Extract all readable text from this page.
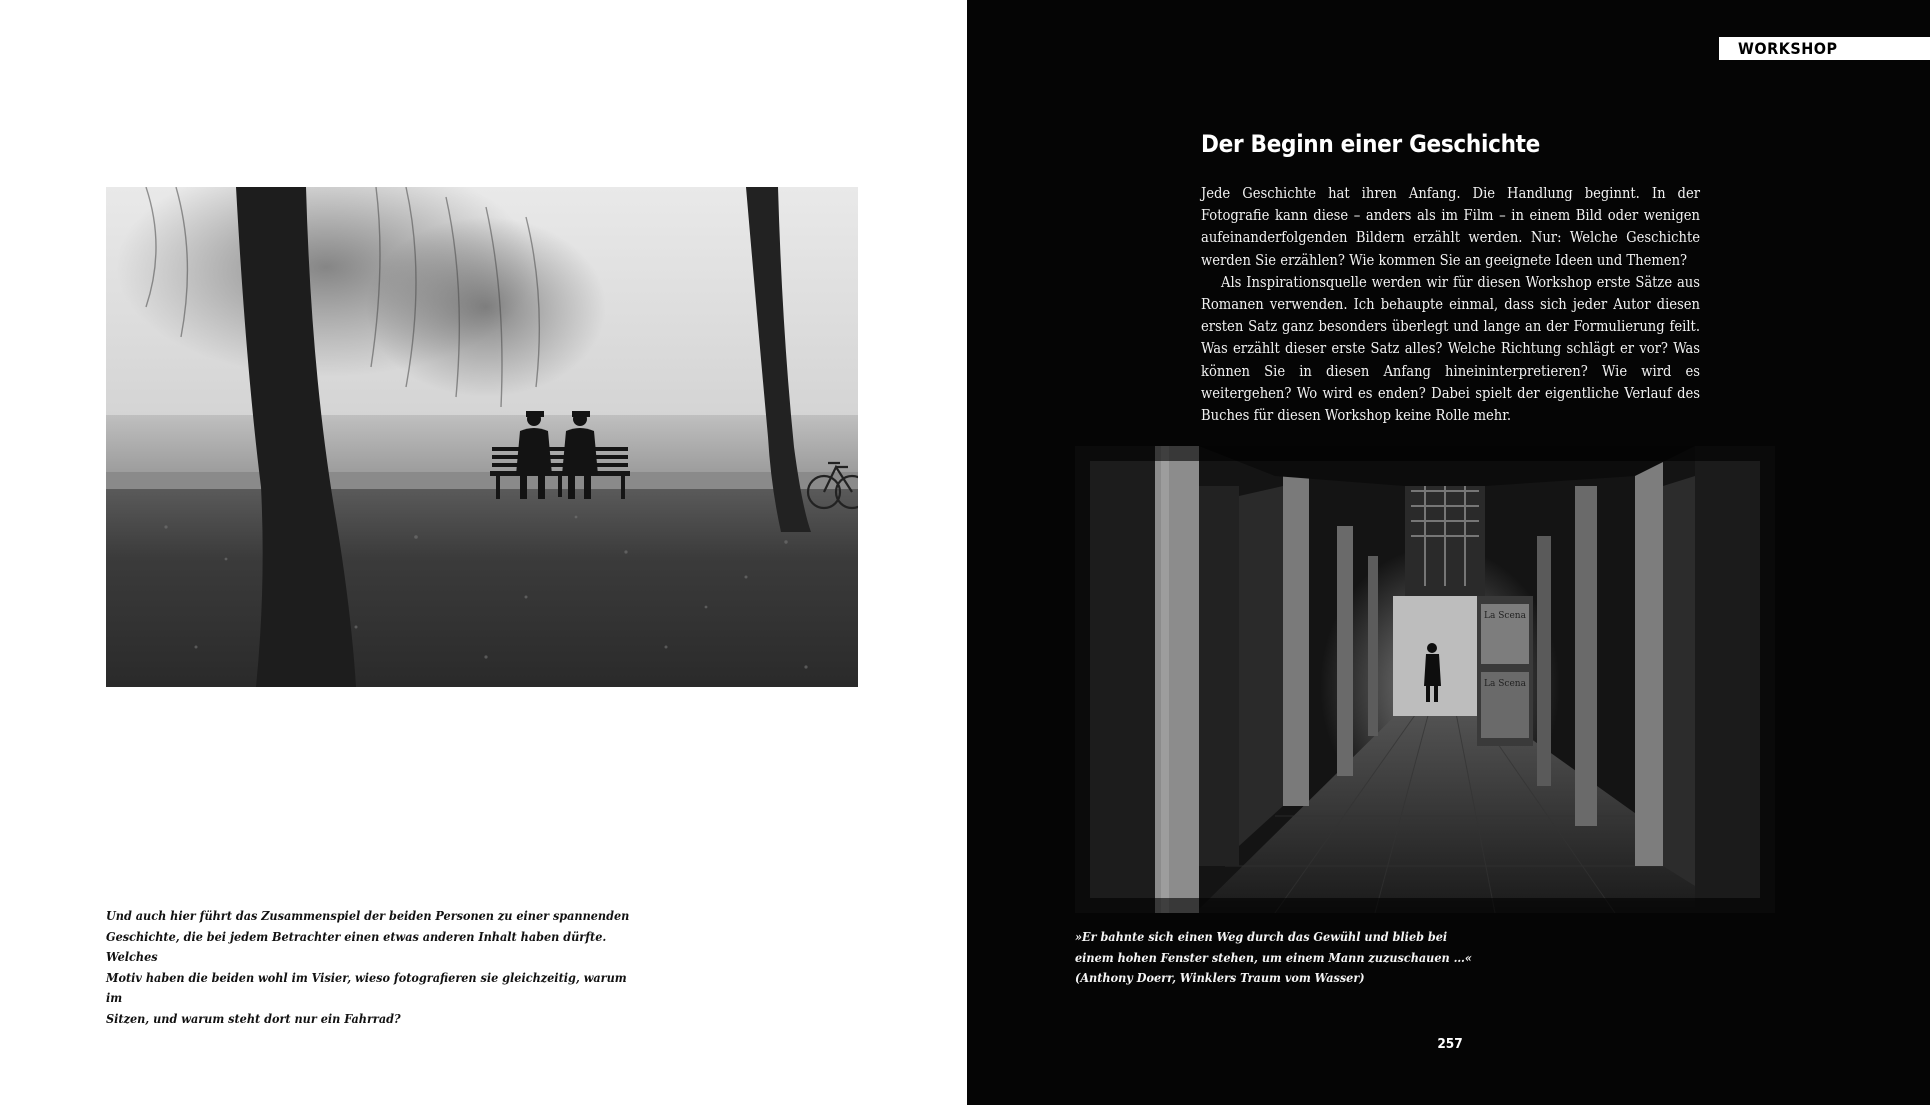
WORKSHOP
Der Beginn einer Geschichte

Jede Geschichte hat ihren Anfang. Die Handlung beginnt. In der Fotografie kann diese – anders als im Film – in einem Bild oder wenigen aufeinanderfolgenden Bildern erzählt werden. Nur: Welche Geschichte werden Sie erzählen? Wie kommen Sie an geeignete Ideen und Themen?

Als Inspirationsquelle werden wir für diesen Workshop erste Sätze aus Romanen verwenden. Ich behaupte einmal, dass sich jeder Autor diesen ersten Satz ganz besonders überlegt und lange an der Formulierung feilt. Was erzählt dieser erste Satz alles? Welche Richtung schlägt er vor? Was können Sie in diesen Anfang hineininterpretieren? Wie wird es weitergehen? Wo wird es enden? Dabei spielt der eigentliche Verlauf des Buches für diesen Workshop keine Rolle mehr.

Und auch hier führt das Zusammenspiel der beiden Personen zu einer spannenden
Geschichte, die bei jedem Betrachter einen etwas anderen Inhalt haben dürfte. Welches
Motiv haben die beiden wohl im Visier, wieso fotografieren sie gleichzeitig, warum im
Sitzen, und warum steht dort nur ein Fahrrad?
La Scena
La Scena
»Er bahnte sich einen Weg durch das Gewühl und blieb bei
einem hohen Fenster stehen, um einem Mann zuzuschauen …«
(Anthony Doerr, Winklers Traum vom Wasser)
257
